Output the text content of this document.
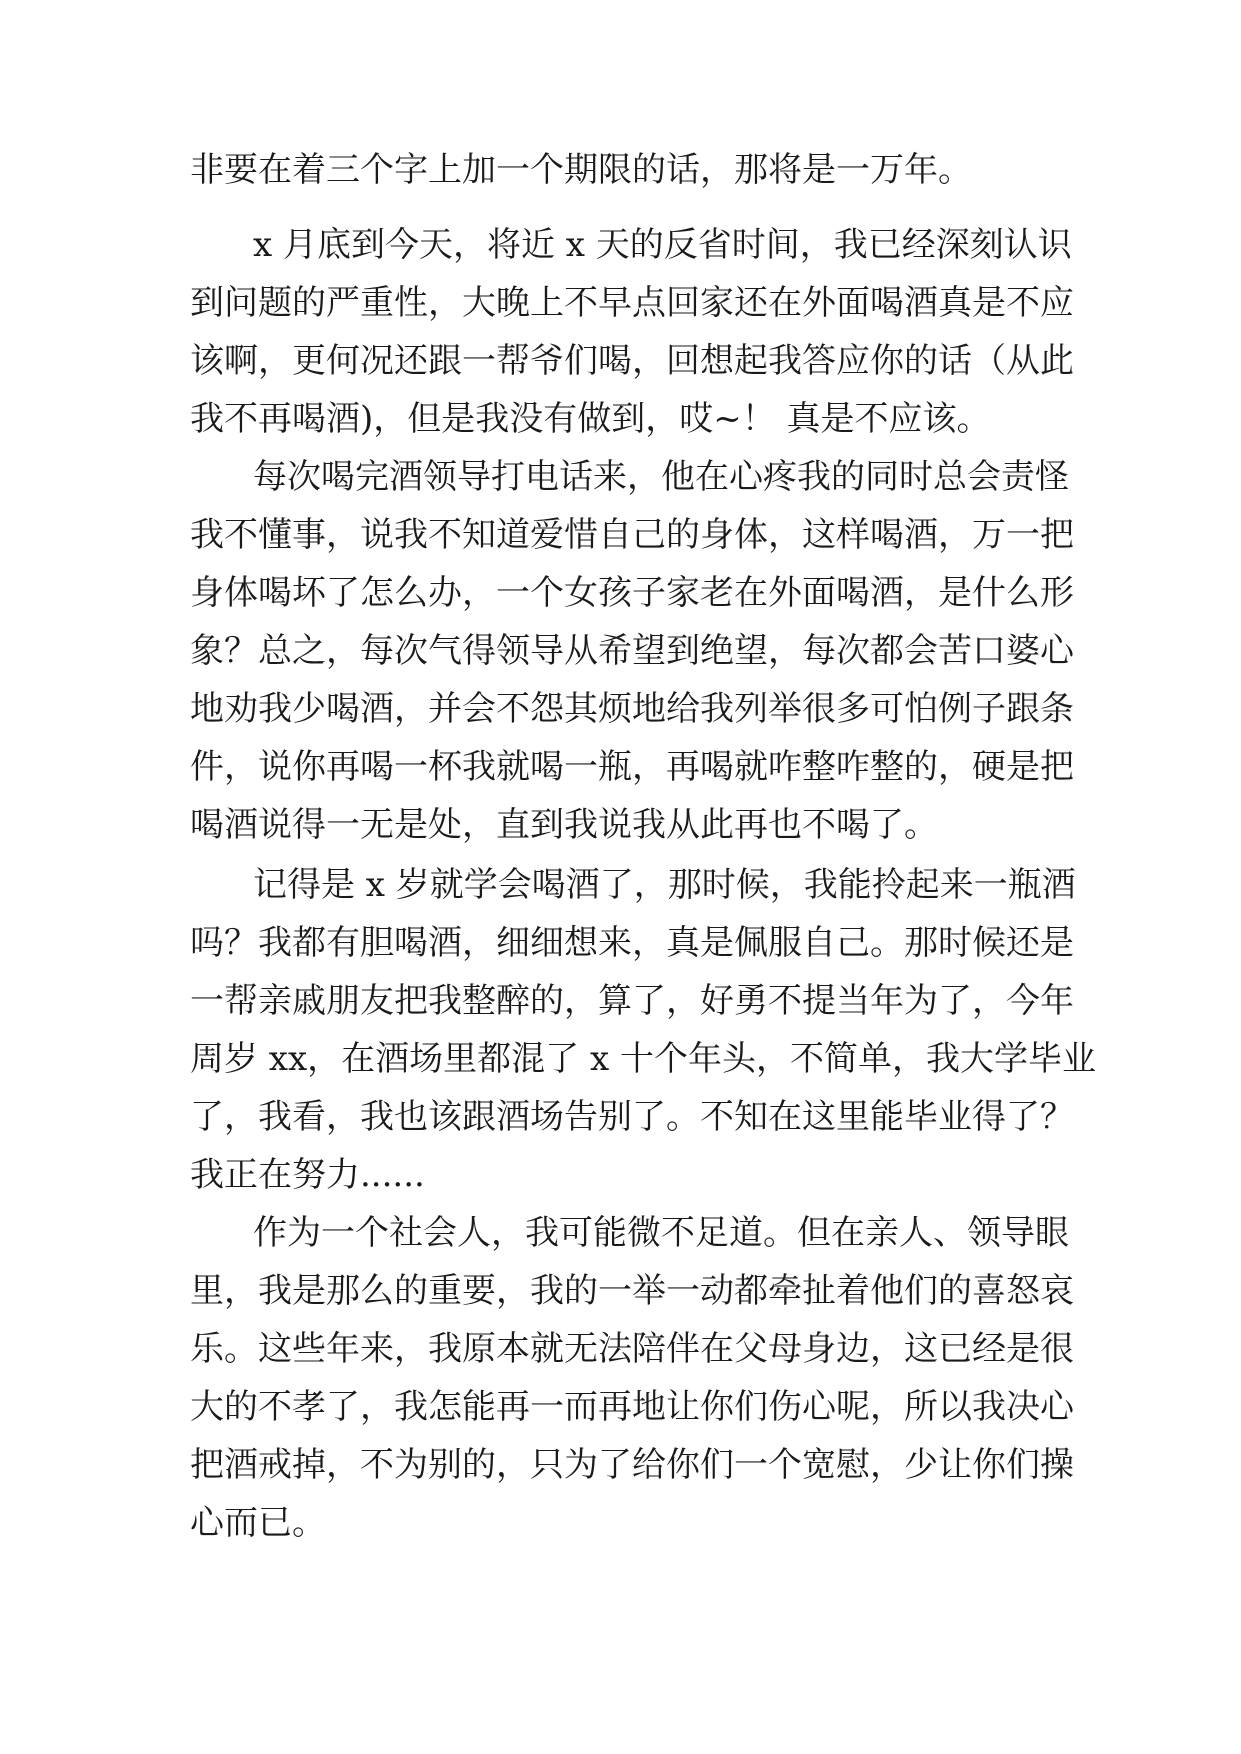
非要在着三个字上加一个期限的话，那将是一万年。
x 月底到今天，将近 x 天的反省时间，我已经深刻认识
到问题的严重性，大晚上不早点回家还在外面喝酒真是不应
该啊，更何况还跟一帮爷们喝，回想起我答应你的话（从此
我不再喝酒)，但是我没有做到，哎~！ 真是不应该。
每次喝完酒领导打电话来，他在心疼我的同时总会责怪
我不懂事，说我不知道爱惜自己的身体，这样喝酒，万一把
身体喝坏了怎么办，一个女孩子家老在外面喝酒，是什么形
象？总之，每次气得领导从希望到绝望，每次都会苦口婆心
地劝我少喝酒，并会不怨其烦地给我列举很多可怕例子跟条
件，说你再喝一杯我就喝一瓶，再喝就咋整咋整的，硬是把
喝酒说得一无是处，直到我说我从此再也不喝了。
记得是 x 岁就学会喝酒了，那时候，我能拎起来一瓶酒
吗？我都有胆喝酒，细细想来，真是佩服自己。那时候还是
一帮亲戚朋友把我整醉的，算了，好勇不提当年为了，今年
周岁 xx，在酒场里都混了 x 十个年头，不简单，我大学毕业
了，我看，我也该跟酒场告别了。不知在这里能毕业得了？
我正在努力......
作为一个社会人，我可能微不足道。但在亲人、领导眼
里，我是那么的重要，我的一举一动都牵扯着他们的喜怒哀
乐。这些年来，我原本就无法陪伴在父母身边，这已经是很
大的不孝了，我怎能再一而再地让你们伤心呢，所以我决心
把酒戒掉，不为别的，只为了给你们一个宽慰，少让你们操
心而已。
